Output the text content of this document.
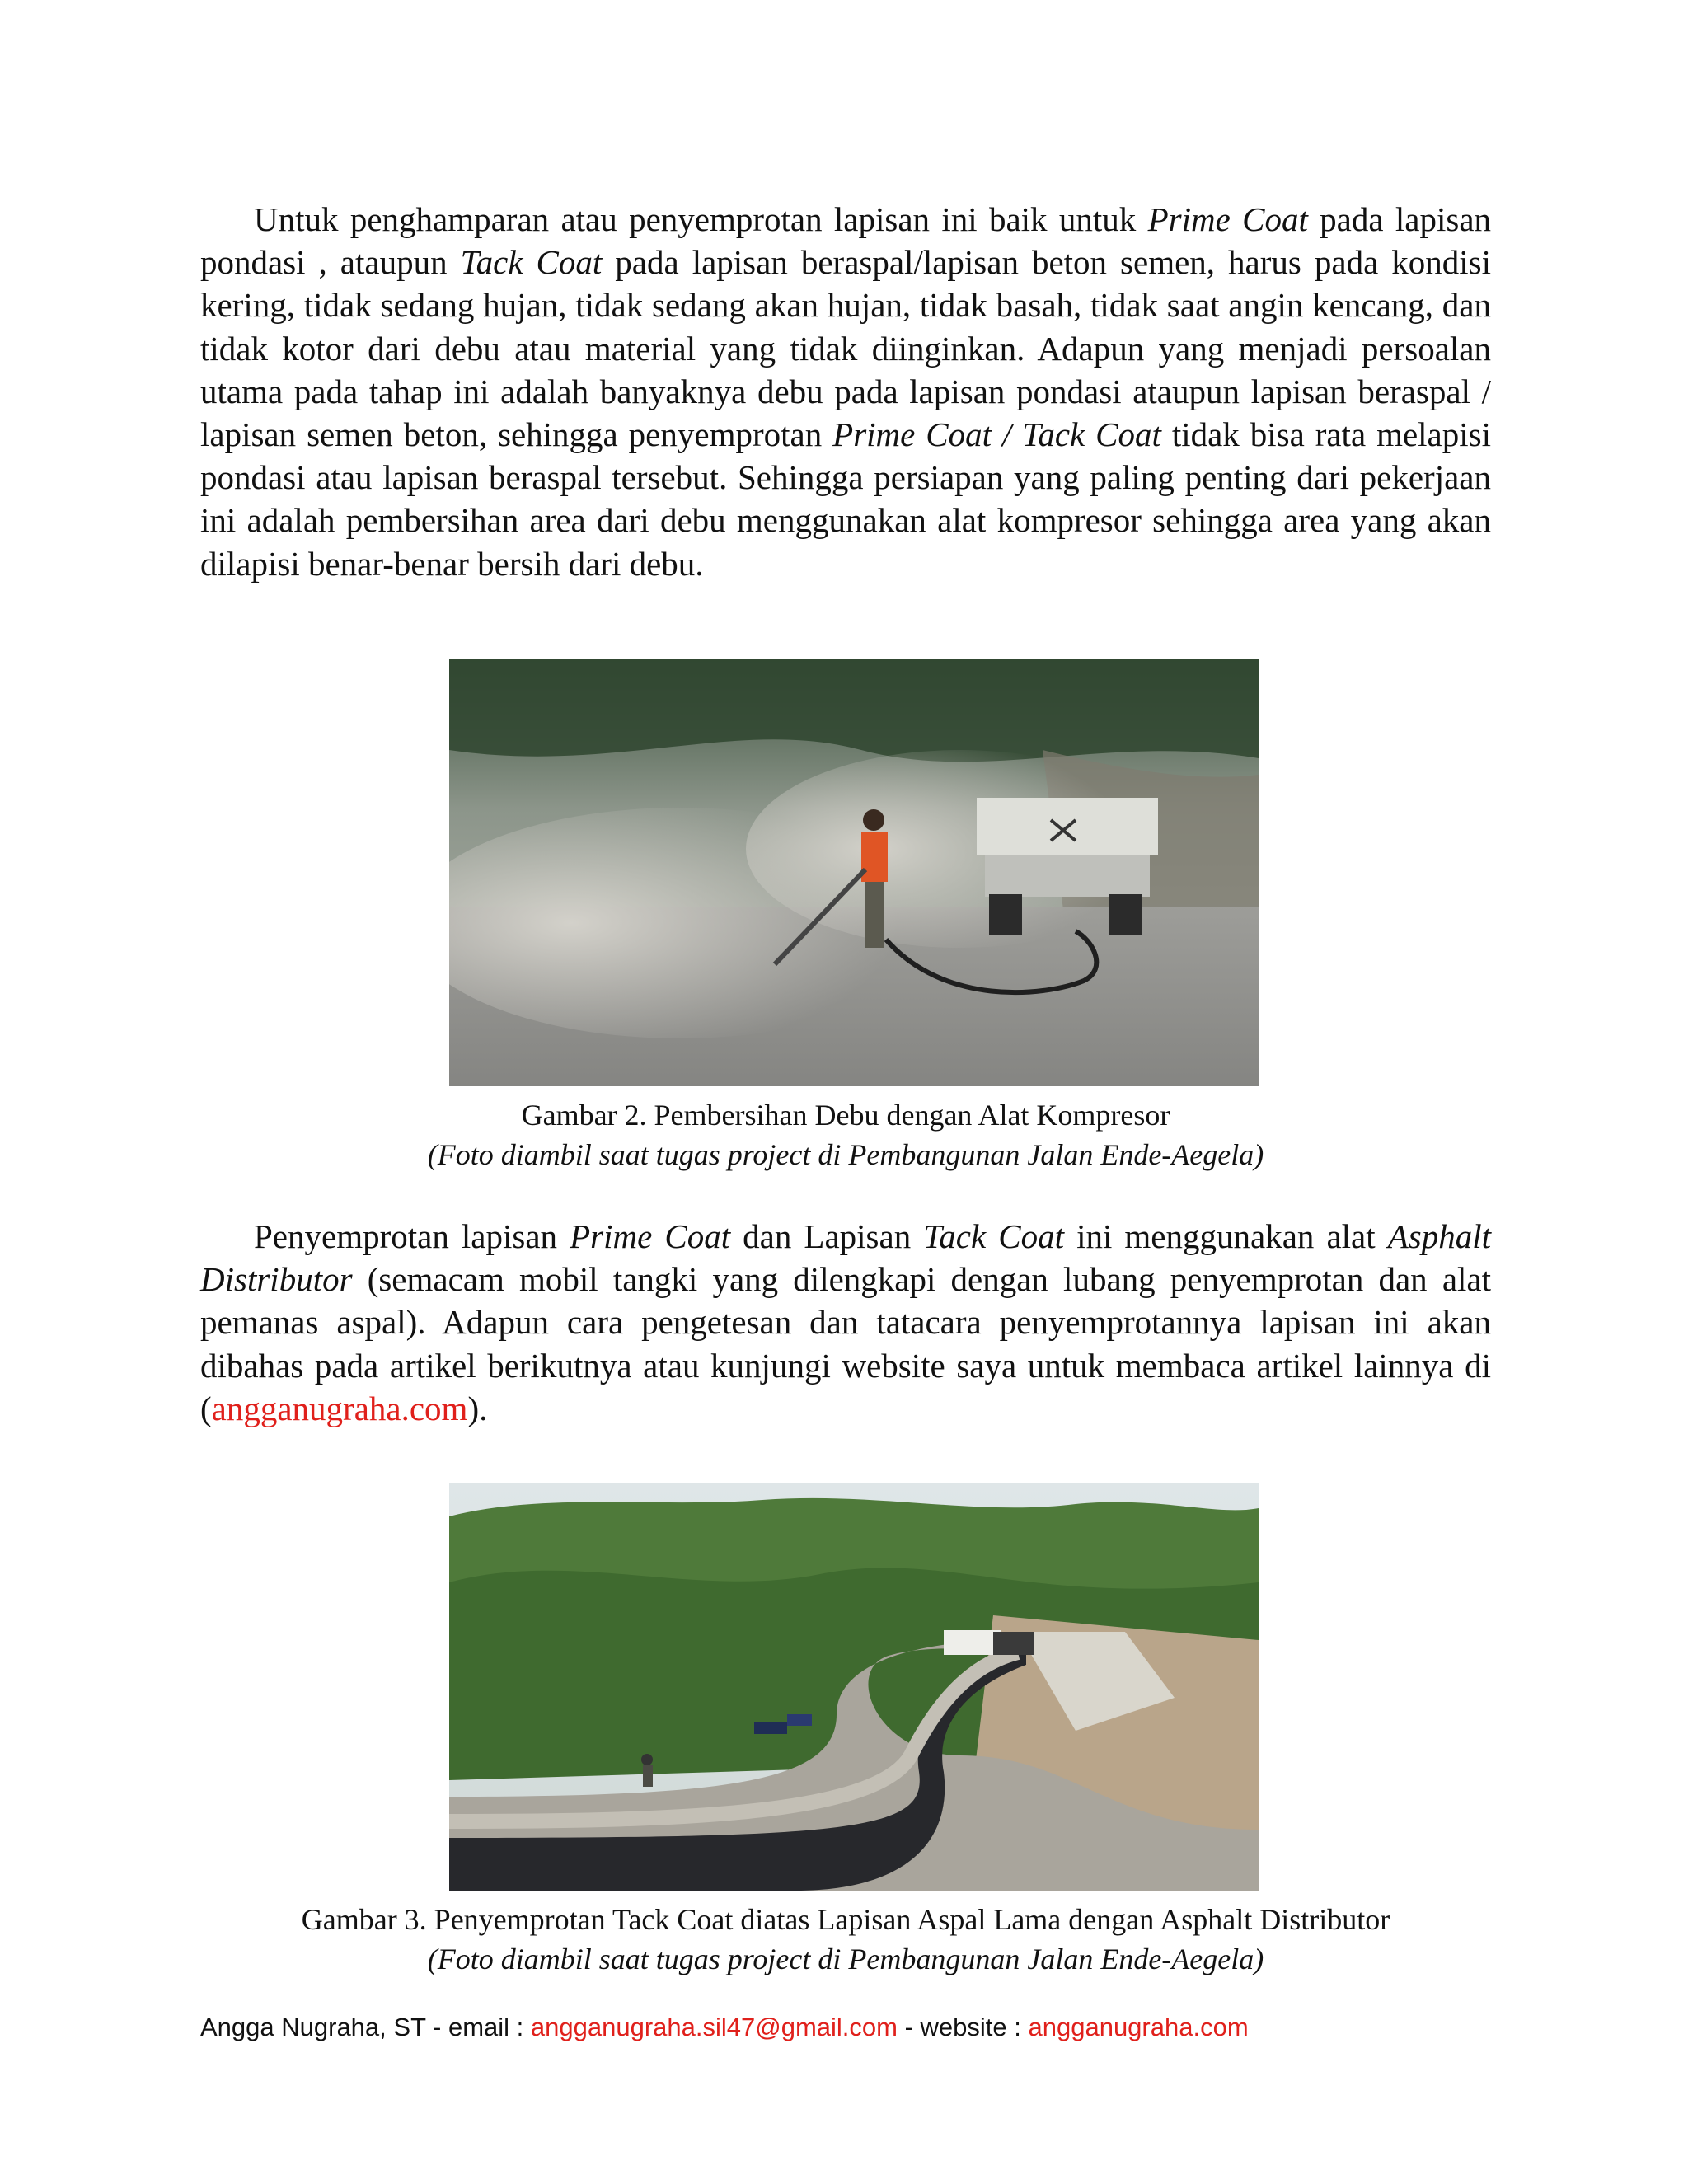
Untuk penghamparan atau penyemprotan lapisan ini baik untuk Prime Coat pada lapisan pondasi , ataupun Tack Coat pada lapisan beraspal/lapisan beton semen, harus pada kondisi kering, tidak sedang hujan, tidak sedang akan hujan, tidak basah, tidak saat angin kencang, dan tidak kotor dari debu atau material yang tidak diinginkan. Adapun yang menjadi persoalan utama pada tahap ini adalah banyaknya debu pada lapisan pondasi ataupun lapisan beraspal / lapisan semen beton, sehingga penyemprotan Prime Coat / Tack Coat tidak bisa rata melapisi pondasi atau lapisan beraspal tersebut. Sehingga persiapan yang paling penting dari pekerjaan ini adalah pembersihan area dari debu menggunakan alat kompresor sehingga area yang akan dilapisi benar-benar bersih dari debu.

Gambar 2. Pembersihan Debu dengan Alat Kompresor

(Foto diambil saat tugas project di Pembangunan Jalan Ende-Aegela)

Penyemprotan lapisan Prime Coat dan Lapisan Tack Coat ini menggunakan alat Asphalt Distributor (semacam mobil tangki yang dilengkapi dengan lubang penyemprotan dan alat pemanas aspal). Adapun cara pengetesan dan tatacara penyemprotannya lapisan ini akan dibahas pada artikel berikutnya atau kunjungi website saya untuk membaca artikel lainnya di (angganugraha.com).

Gambar 3. Penyemprotan Tack Coat diatas Lapisan Aspal Lama dengan Asphalt Distributor

(Foto diambil saat tugas project di Pembangunan Jalan Ende-Aegela)

Angga Nugraha, ST - email : angganugraha.sil47@gmail.com - website : angganugraha.com
